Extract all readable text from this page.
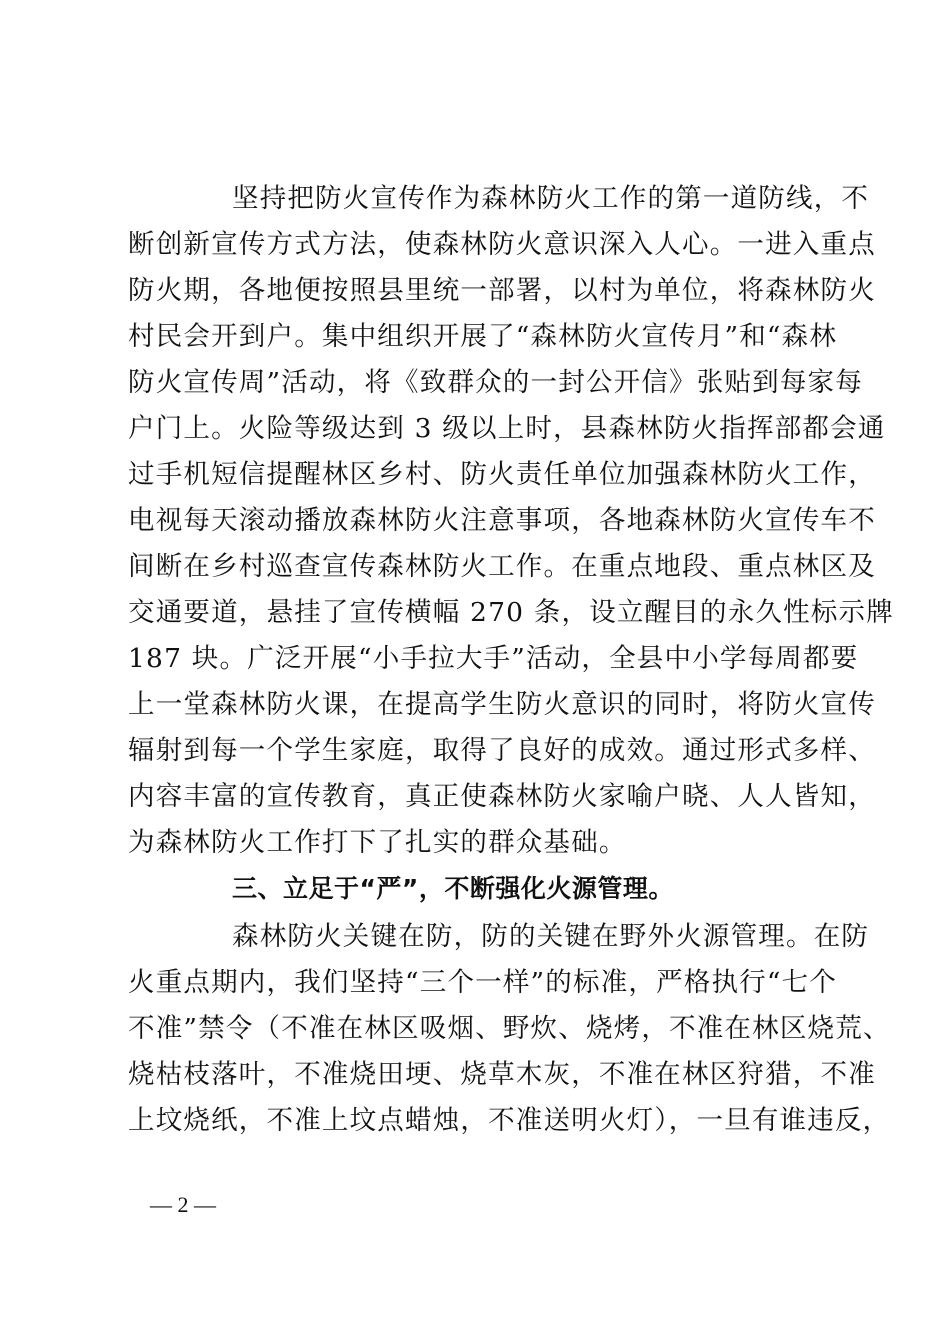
坚持把防火宣传作为森林防火工作的第一道防线，不
断创新宣传方式方法，使森林防火意识深入人心。一进入重点
防火期，各地便按照县里统一部署，以村为单位，将森林防火
村民会开到户。集中组织开展了“森林防火宣传月”和“森林
防火宣传周”活动，将《致群众的一封公开信》张贴到每家每
户门上。火险等级达到 3 级以上时，县森林防火指挥部都会通
过手机短信提醒林区乡村、防火责任单位加强森林防火工作，
电视每天滚动播放森林防火注意事项，各地森林防火宣传车不
间断在乡村巡查宣传森林防火工作。在重点地段、重点林区及
交通要道，悬挂了宣传横幅 270 条，设立醒目的永久性标示牌
187 块。广泛开展“小手拉大手”活动，全县中小学每周都要
上一堂森林防火课，在提高学生防火意识的同时，将防火宣传
辐射到每一个学生家庭，取得了良好的成效。通过形式多样、
内容丰富的宣传教育，真正使森林防火家喻户晓、人人皆知，
为森林防火工作打下了扎实的群众基础。
三、立足于“严”，不断强化火源管理。
森林防火关键在防，防的关键在野外火源管理。在防
火重点期内，我们坚持“三个一样”的标准，严格执行“七个
不准”禁令（不准在林区吸烟、野炊、烧烤，不准在林区烧荒、
烧枯枝落叶，不准烧田埂、烧草木灰，不准在林区狩猎，不准
上坟烧纸，不准上坟点蜡烛，不准送明火灯），一旦有谁违反，
— 2 —
